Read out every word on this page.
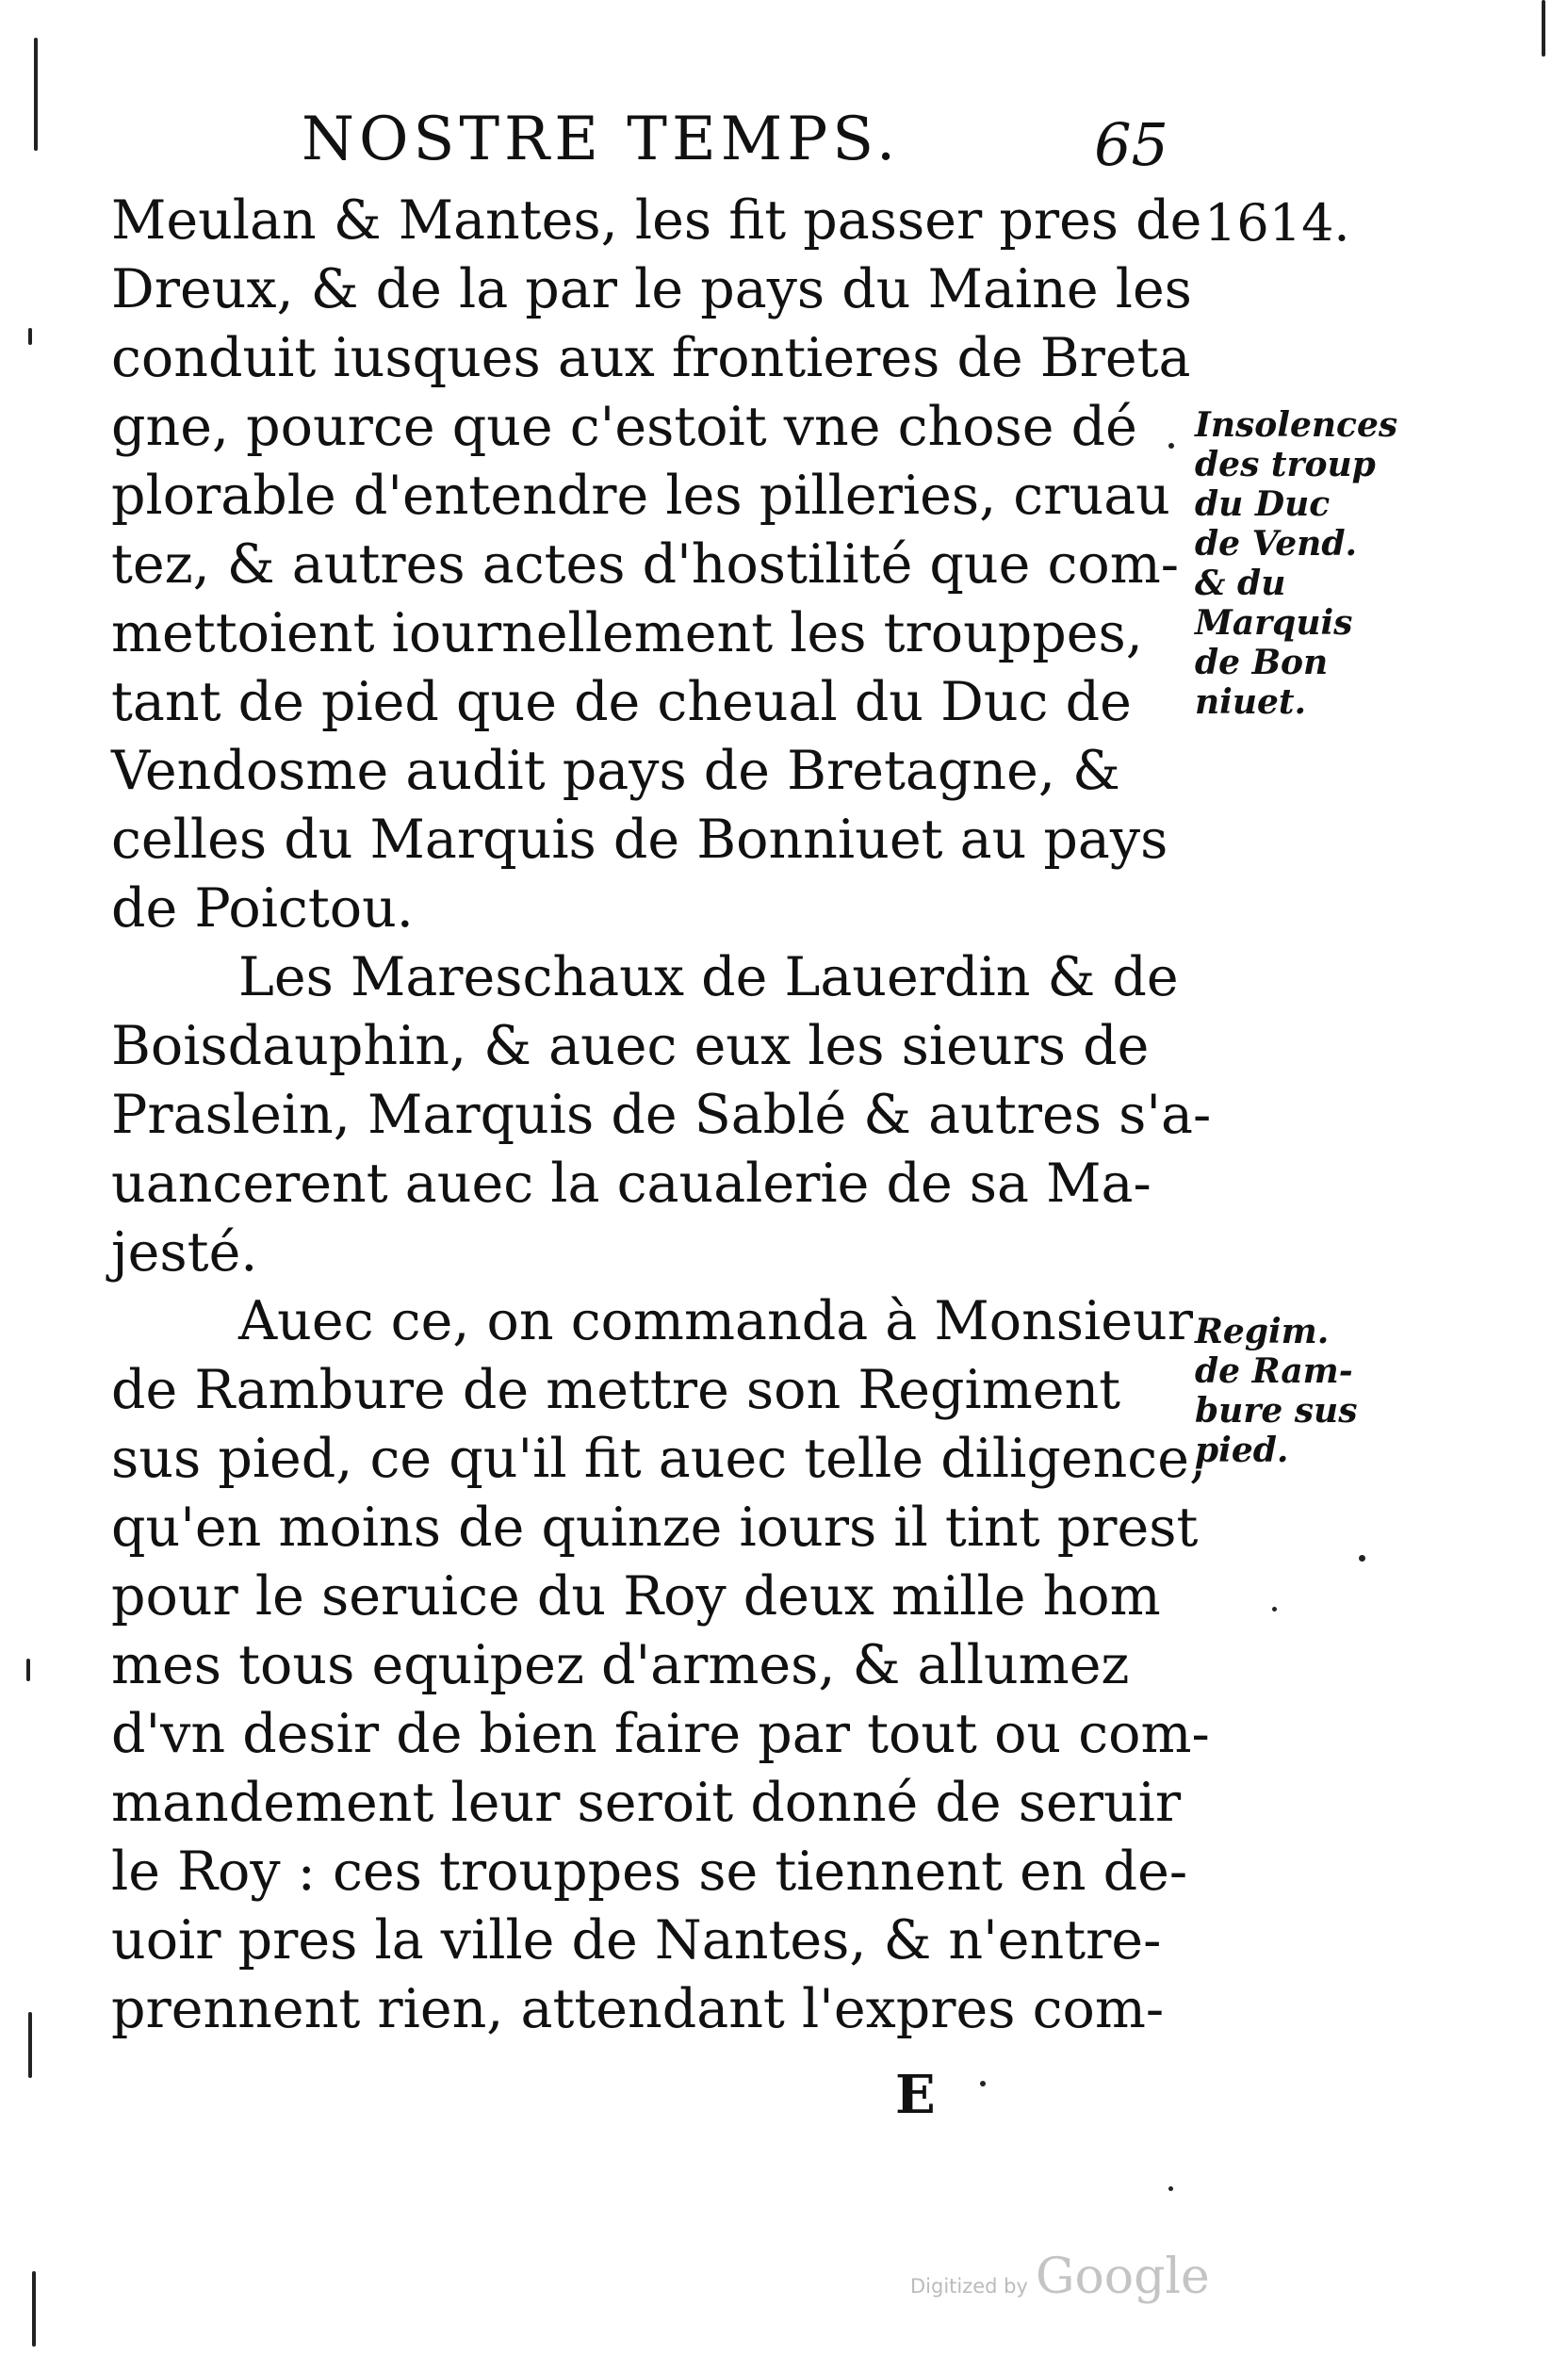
NOSTRE TEMPS.	65
1614.
Meulan & Mantes, les fit passer pres de
Dreux, & de la par le pays du Maine les
conduit iusques aux frontieres de Breta
gne, pource que c'estoit vne chose dé
plorable d'entendre les pilleries, cruau
tez, & autres actes d'hostilité que com-
mettoient iournellement les trouppes,
tant de pied que de cheual du Duc de
Vendosme audit pays de Bretagne, &
celles du Marquis de Bonniuet au pays
de Poictou.
Les Mareschaux de Lauerdin & de
Boisdauphin, & auec eux les sieurs de
Praslein, Marquis de Sablé & autres s'a-
uancerent auec la caualerie de sa Ma-
jesté.
Auec ce, on commanda à Monsieur
de Rambure de mettre son Regiment
sus pied, ce qu'il fit auec telle diligence,
qu'en moins de quinze iours il tint prest
pour le seruice du Roy deux mille hom
mes tous equipez d'armes, & allumez
d'vn desir de bien faire par tout ou com-
mandement leur seroit donné de seruir
le Roy : ces trouppes se tiennent en de-
uoir pres la ville de Nantes, & n'entre-
prennent rien, attendant l'expres com-
Insolences
des troup
du Duc
de Vend.
& du
Marquis
de Bon
niuet.
Regim.
de Ram-
bure sus
pied.
E
Digitized by Google
